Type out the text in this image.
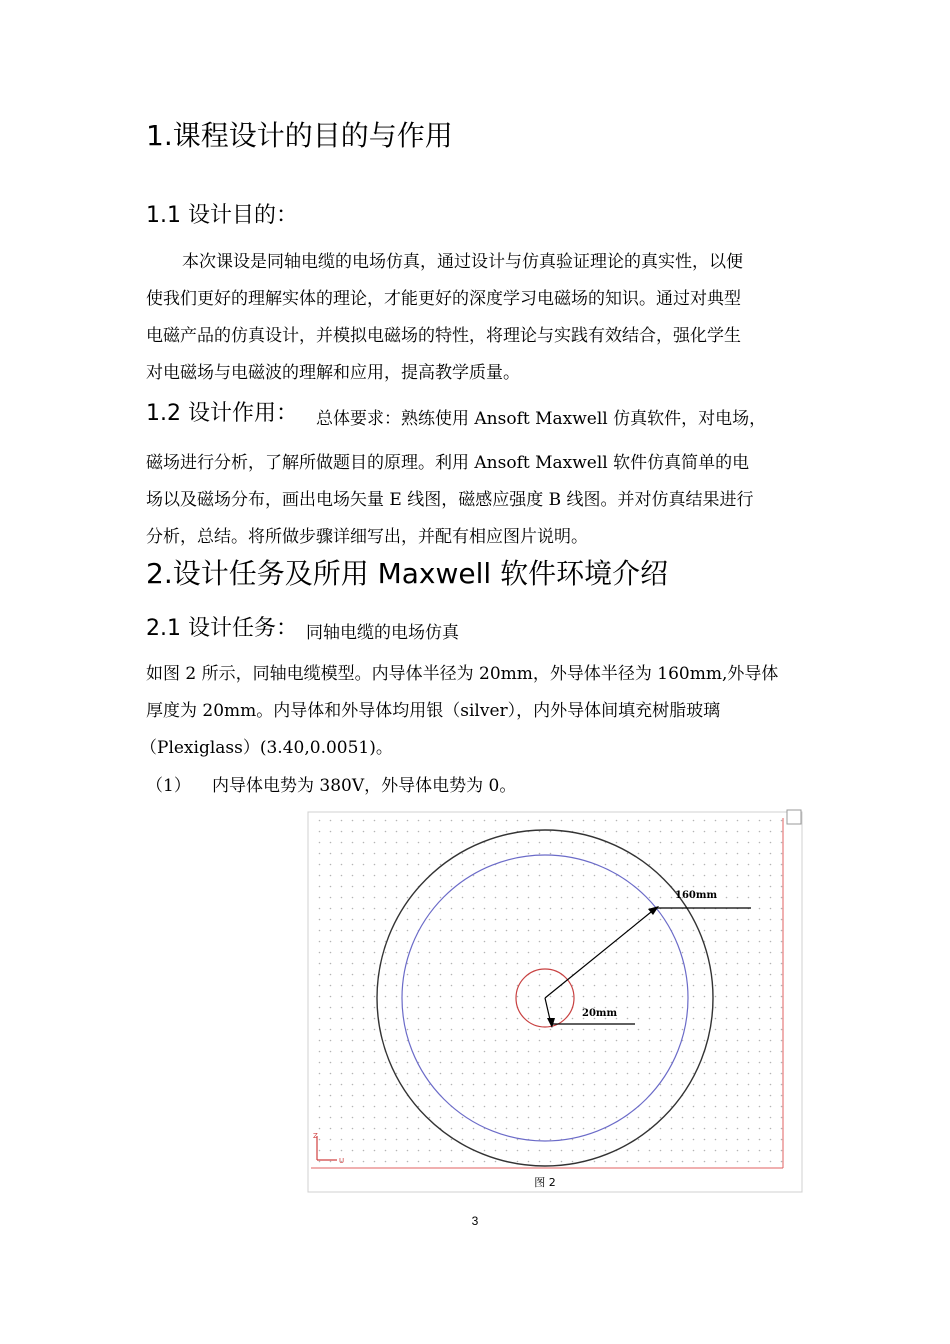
1.课程设计的目的与作用
1.1 设计目的：
本次课设是同轴电缆的电场仿真，通过设计与仿真验证理论的真实性，以便
使我们更好的理解实体的理论，才能更好的深度学习电磁场的知识。通过对典型
电磁产品的仿真设计，并模拟电磁场的特性，将理论与实践有效结合，强化学生
对电磁场与电磁波的理解和应用，提高教学质量。
1.2 设计作用： 总体要求：熟练使用 Ansoft Maxwell 仿真软件，对电场，
磁场进行分析，了解所做题目的原理。利用 Ansoft Maxwell 软件仿真简单的电
场以及磁场分布，画出电场矢量 E 线图，磁感应强度 B 线图。并对仿真结果进行
分析，总结。将所做步骤详细写出，并配有相应图片说明。
2.设计任务及所用 Maxwell 软件环境介绍
2.1 设计任务： 同轴电缆的电场仿真
如图 2 所示，同轴电缆模型。内导体半径为 20mm，外导体半径为 160mm,外导体
厚度为 20mm。内导体和外导体均用银（silver），内外导体间填充树脂玻璃
（Plexiglass）(3.40,0.0051)。
（1） 内导体电势为 380V，外导体电势为 0。
160mm
20mm
Z
U
图 2
3
